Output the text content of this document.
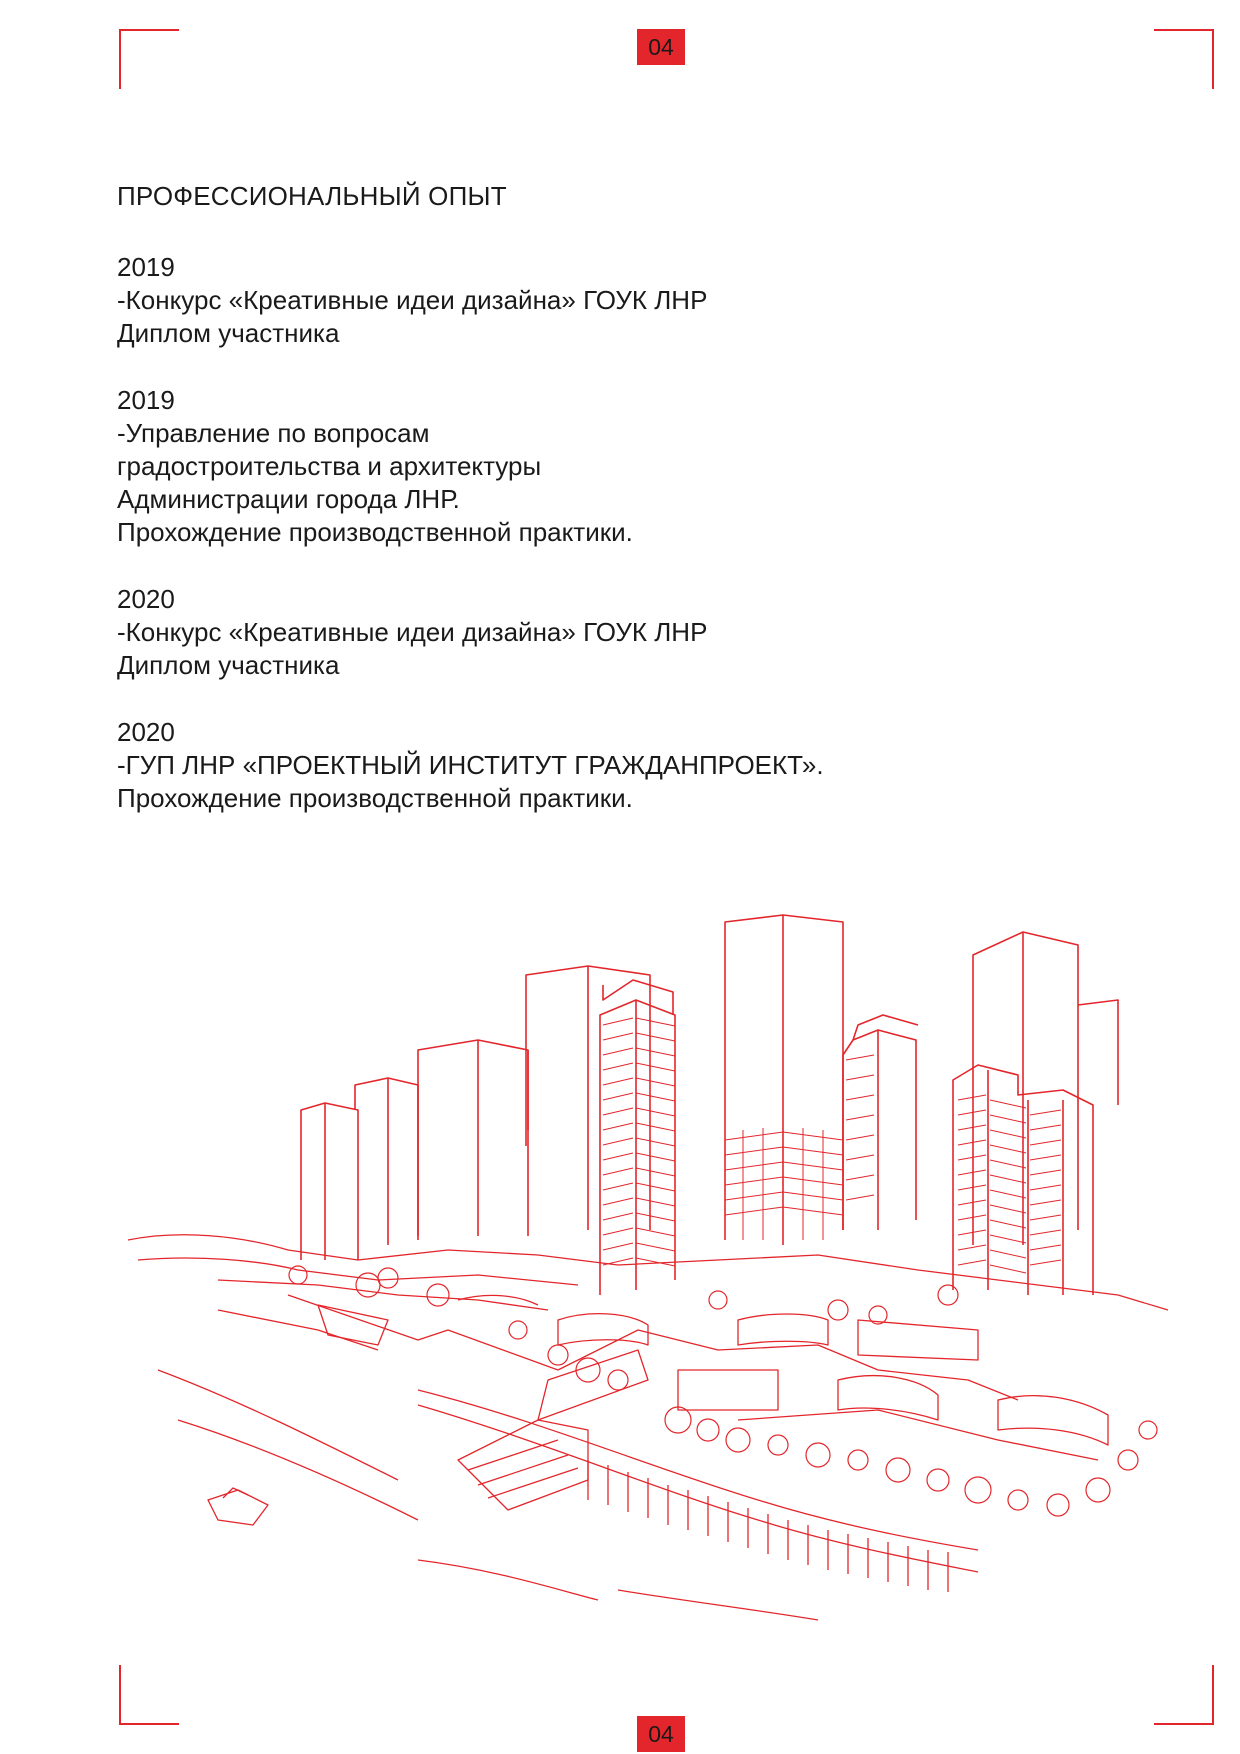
04
ПРОФЕССИОНАЛЬНЫЙ ОПЫТ
2019
-Конкурс «Креативные идеи дизайна» ГОУК ЛНР
Диплом участника
2019
-Управление по вопросам
градостроительства и архитектуры
Администрации города ЛНР.
Прохождение производственной практики.
2020
-Конкурс «Креативные идеи дизайна» ГОУК ЛНР
Диплом участника
2020
-ГУП ЛНР «ПРОЕКТНЫЙ ИНСТИТУТ ГРАЖДАНПРОЕКТ».
Прохождение производственной практики.
04
